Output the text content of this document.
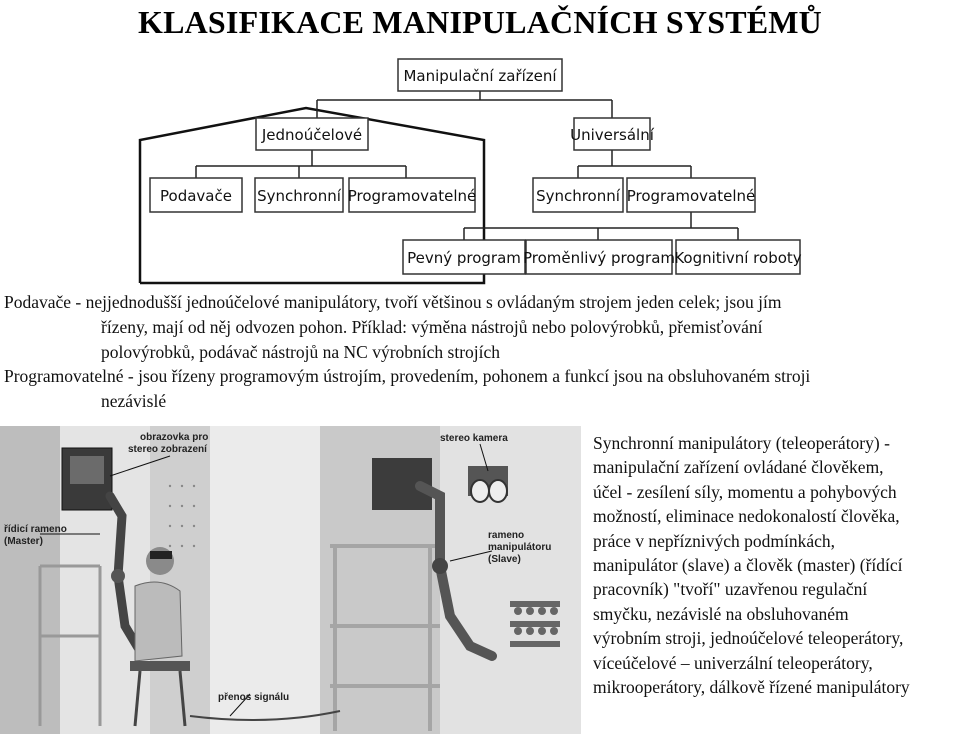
KLASIFIKACE MANIPULAČNÍCH SYSTÉMŮ
Manipulační zařízení
Jednoúčelové	Universální
Podavače Synchronní Programovatelné	Synchronní Programovatelné
Pevný program Proměnlivý program Kognitivní roboty
Podavače - nejjednodušší jednoúčelové manipulátory, tvoří většinou s ovládaným strojem jeden celek; jsou jím
řízeny, mají od něj odvozen pohon. Příklad: výměna nástrojů nebo polovýrobků, přemisťování
polovýrobků, podávač nástrojů na NC výrobních strojích
Programovatelné - jsou řízeny programovým ústrojím, provedením, pohonem a funkcí jsou na obsluhovaném stroji
nezávislé
obrazovka pro
stereo zobrazení
stereo kamera
řídicí rameno
(Master)
rameno
manipulátoru
(Slave)
přenos signálu
Synchronní manipulátory (teleoperátory) -
manipulační zařízení ovládané člověkem,
účel - zesílení síly, momentu a pohybových
možností, eliminace nedokonalostí člověka,
práce v nepříznivých podmínkách,
manipulátor (slave) a člověk (master) (řídící
pracovník) "tvoří" uzavřenou regulační
smyčku, nezávislé na obsluhovaném
výrobním stroji, jednoúčelové teleoperátory,
víceúčelové – univerzální teleoperátory,
mikrooperátory, dálkově řízené manipulátory
